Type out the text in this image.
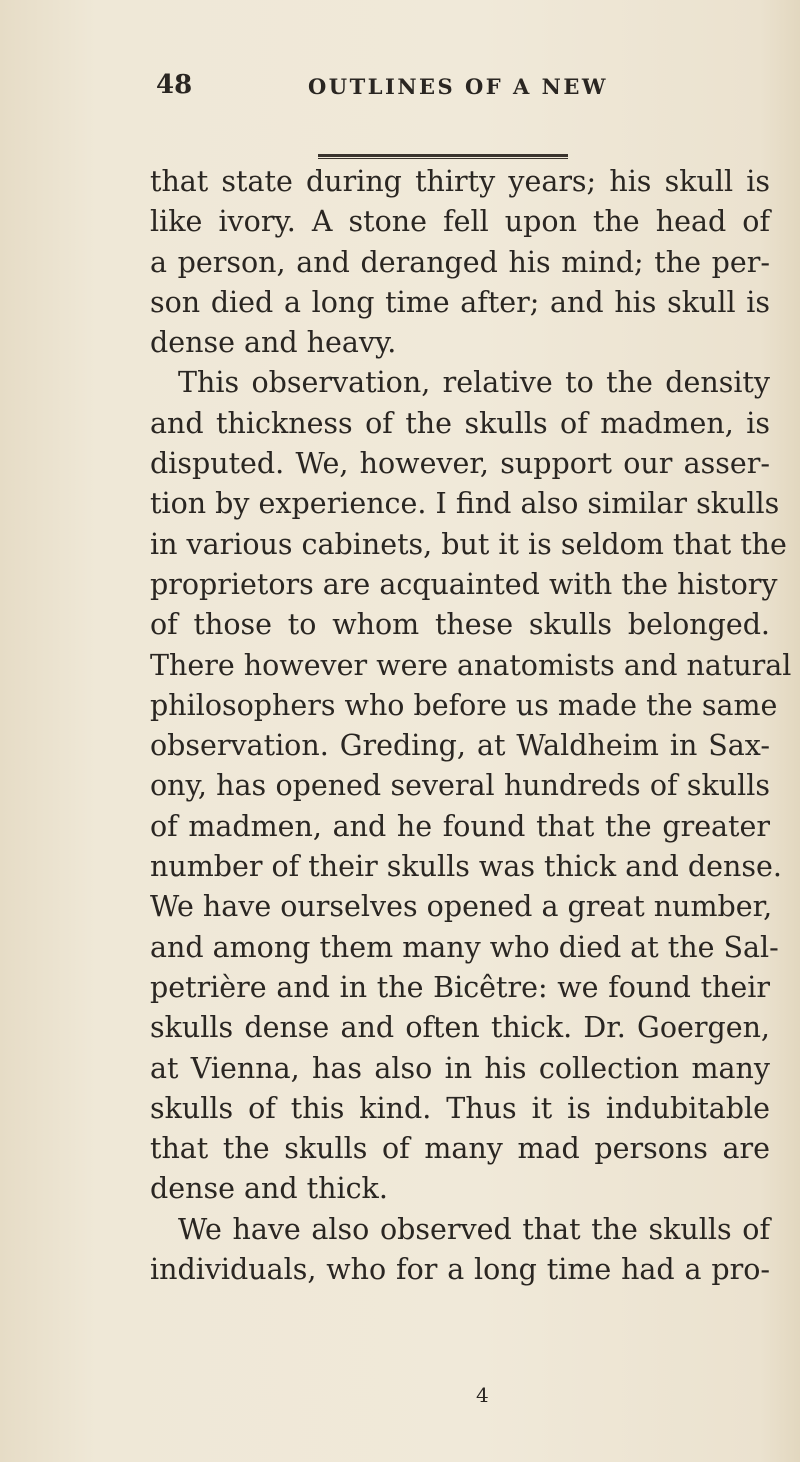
48	OUTLINES OF A NEW
that state during thirty years; his skull is
like ivory. A stone fell upon the head of
a person, and deranged his mind; the per-
son died a long time after; and his skull is
dense and heavy.
This observation, relative to the density
and thickness of the skulls of madmen, is
disputed. We, however, support our asser-
tion by experience. I find also similar skulls
in various cabinets, but it is seldom that the
proprietors are acquainted with the history
of those to whom these skulls belonged.
There however were anatomists and natural
philosophers who before us made the same
observation. Greding, at Waldheim in Sax-
ony, has opened several hundreds of skulls
of madmen, and he found that the greater
number of their skulls was thick and dense.
We have ourselves opened a great number,
and among them many who died at the Sal-
petrière and in the Bicêtre: we found their
skulls dense and often thick. Dr. Goergen,
at Vienna, has also in his collection many
skulls of this kind. Thus it is indubitable
that the skulls of many mad persons are
dense and thick.
We have also observed that the skulls of
individuals, who for a long time had a pro-
4
